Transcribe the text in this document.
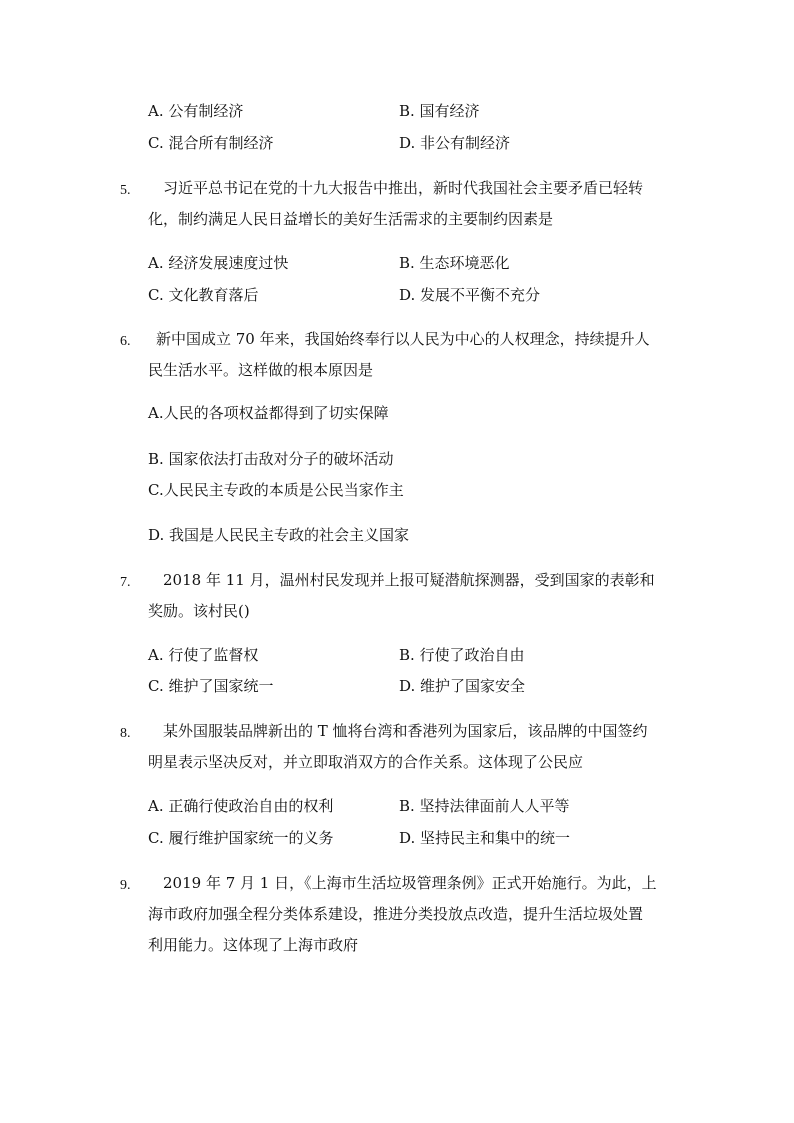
A. 公有制经济	B. 国有经济
C. 混合所有制经济	D. 非公有制经济
5. 　习近平总书记在党的十九大报告中推出，新时代我国社会主要矛盾已轻转
化，制约满足人民日益增长的美好生活需求的主要制约因素是
A. 经济发展速度过快	B. 生态环境恶化
C. 文化教育落后	D. 发展不平衡不充分
6. 新中国成立 70 年来，我国始终奉行以人民为中心的人权理念，持续提升人
民生活水平。这样做的根本原因是
A.人民的各项权益都得到了切实保障
B. 国家依法打击敌对分子的破坏活动
C.人民民主专政的本质是公民当家作主
D. 我国是人民民主专政的社会主义国家
7. 　2018 年 11 月，温州村民发现并上报可疑潜航探测器，受到国家的表彰和
奖励。该村民()
A. 行使了监督权	B. 行使了政治自由
C. 维护了国家统一	D. 维护了国家安全
8. 　某外国服装品牌新出的 T 恤将台湾和香港列为国家后，该品牌的中国签约
明星表示坚决反对，并立即取消双方的合作关系。这体现了公民应
A. 正确行使政治自由的权利	B. 坚持法律面前人人平等
C. 履行维护国家统一的义务	D. 坚持民主和集中的统一
9. 　2019 年 7 月 1 日，《上海市生活垃圾管理条例》正式开始施行。为此，上
海市政府加强全程分类体系建设，推进分类投放点改造，提升生活垃圾处置
利用能力。这体现了上海市政府
